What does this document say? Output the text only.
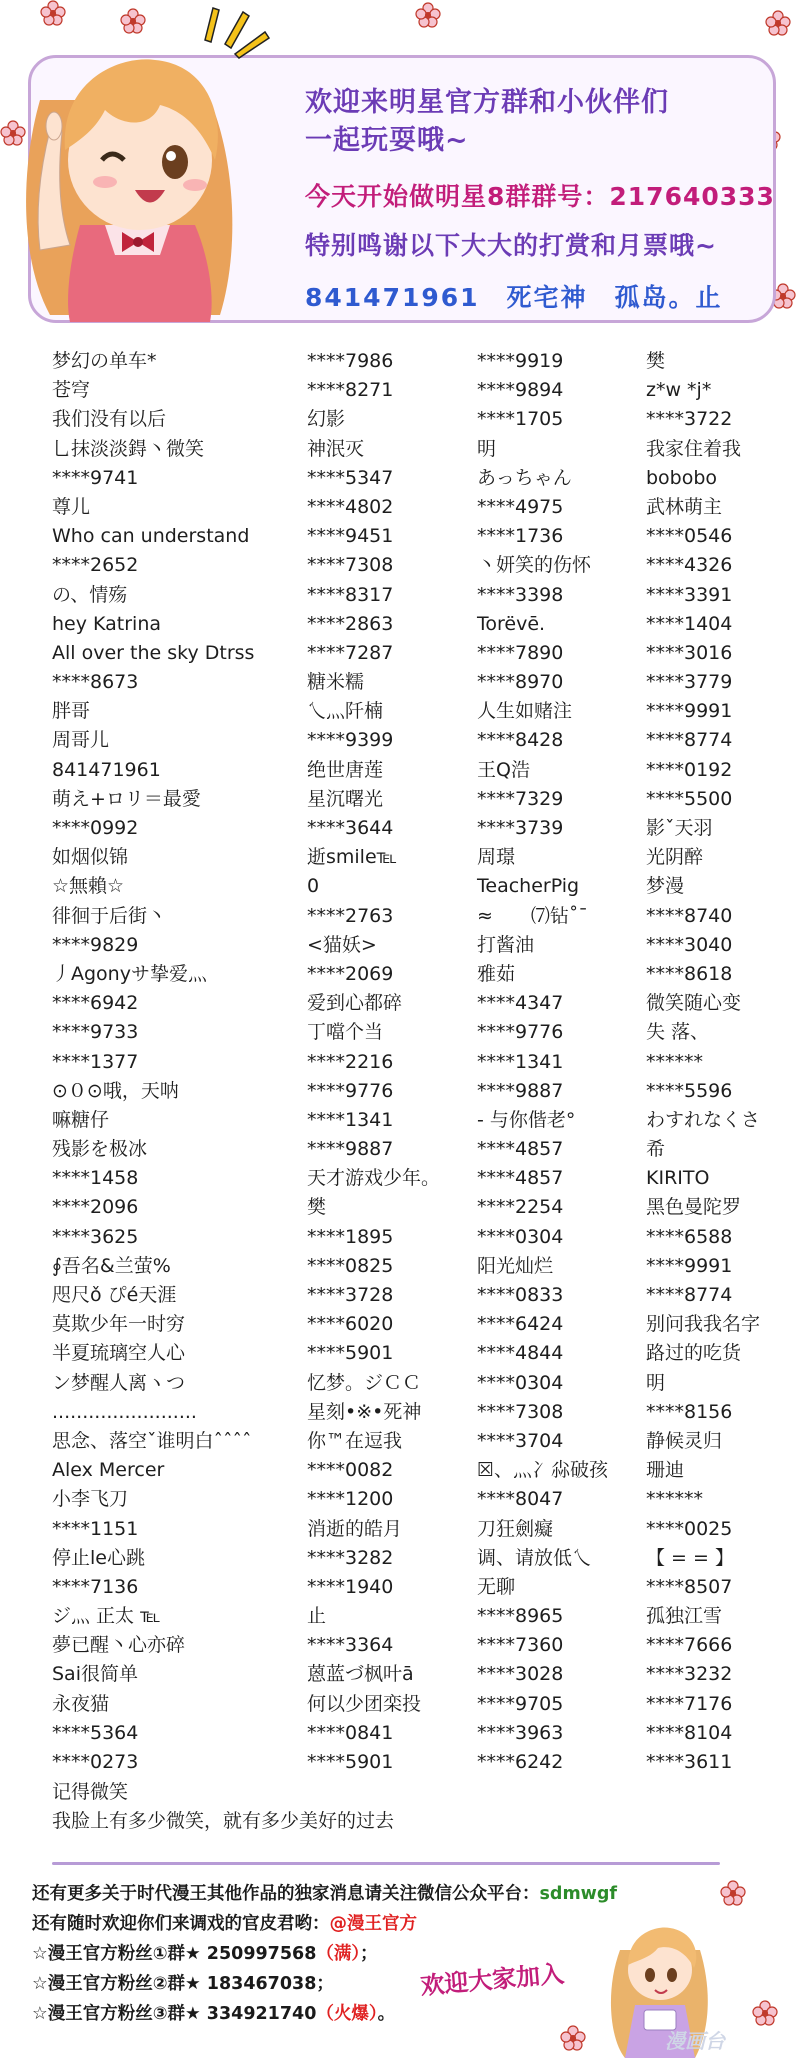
欢迎来明星官方群和小伙伴们
一起玩耍哦~
今天开始做明星8群群号：217640333
特别鸣谢以下大大的打赏和月票哦~
841471961　死宅神　孤岛。止
梦幻の单车*
苍穹
我们没有以后
乚抹淡淡鍀丶微笑
****9741
尊儿
Who can understand
****2652
の、情殇
hey Katrina
All over the sky Dtrss
****8673
胖哥
周哥儿
841471961
萌え+ロリ＝最愛
****0992
如烟似锦
☆無賴☆
徘徊于后街丶
****9829
丿Agonyサ挚爱灬
****6942
****9733
****1377
⊙０⊙哦，天呐
嘛糖仔
残影を极冰
****1458
****2096
****3625
∮吾名&兰萤%
咫尺ǒ ぴé天涯
莫欺少年一时穷
半夏琉璃空人心
ン梦醒人离ヽつ
........................
思念、落空ˇ谁明白ˆˆˆˆ
Alex Mercer
小李飞刀
****1151
停止le心跳
****7136
ジ灬 正太 ℡
夢已醒丶心亦碎
Sai很简单
永夜猫
****5364
****0273
****7986
****8271
幻影
神泯灭
****5347
****4802
****9451
****7308
****8317
****2863
****7287
糖米糯
乀灬阡楠
****9399
绝世唐莲
星沉曙光
****3644
逝smile℡
0
****2763
<猫妖>
****2069
爱到心都碎
丁噹个当
****2216
****9776
****1341
****9887
天才游戏少年。
樊
****1895
****0825
****3728
****6020
****5901
忆梦。ジＣＣ
星刻•※•死神
你™在逗我
****0082
****1200
消逝的皓月
****3282
****1940
止
****3364
蒽蓝づ枫叶ā
何以少团栾投
****0841
****5901
****9919
****9894
****1705
明
あっちゃん
****4975
****1736
丶妍笑的伤怀
****3398
Torëvē.
****7890
****8970
人生如赌注
****8428
王Q浩
****7329
****3739
周璟
TeacherPig
≈　　⑺钻˚ˉ
打酱油
雅茹
****4347
****9776
****1341
****9887
- 与你偕老°
****4857
****4857
****2254
****0304
阳光灿烂
****0833
****6424
****4844
****0304
****7308
****3704
☒、灬冫尛破孩
****8047
刀狂劍癡
调、请放低乀
无聊
****8965
****7360
****3028
****9705
****3963
****6242
樊
z*w *j*
****3722
我家住着我
bobobo
武林萌主
****0546
****4326
****3391
****1404
****3016
****3779
****9991
****8774
****0192
****5500
影ˇ天羽
光阴醉
梦漫
****8740
****3040
****8618
微笑随心变
失 落、
******
****5596
わすれなくさ
希
KIRITO
黑色曼陀罗
****6588
****9991
****8774
别问我我名字
路过的吃货
明
****8156
静候灵归
珊迪
******
****0025
【 = = 】
****8507
孤独江雪
****7666
****3232
****7176
****8104
****3611
记得微笑
我脸上有多少微笑，就有多少美好的过去
还有更多关于时代漫王其他作品的独家消息请关注微信公众平台：sdmwgf
还有随时欢迎你们来调戏的官皮君哟：@漫王官方
☆漫王官方粉丝①群★ 250997568（满）；
☆漫王官方粉丝②群★ 183467038；
☆漫王官方粉丝③群★ 334921740（火爆）。
欢迎大家加入
漫画台
